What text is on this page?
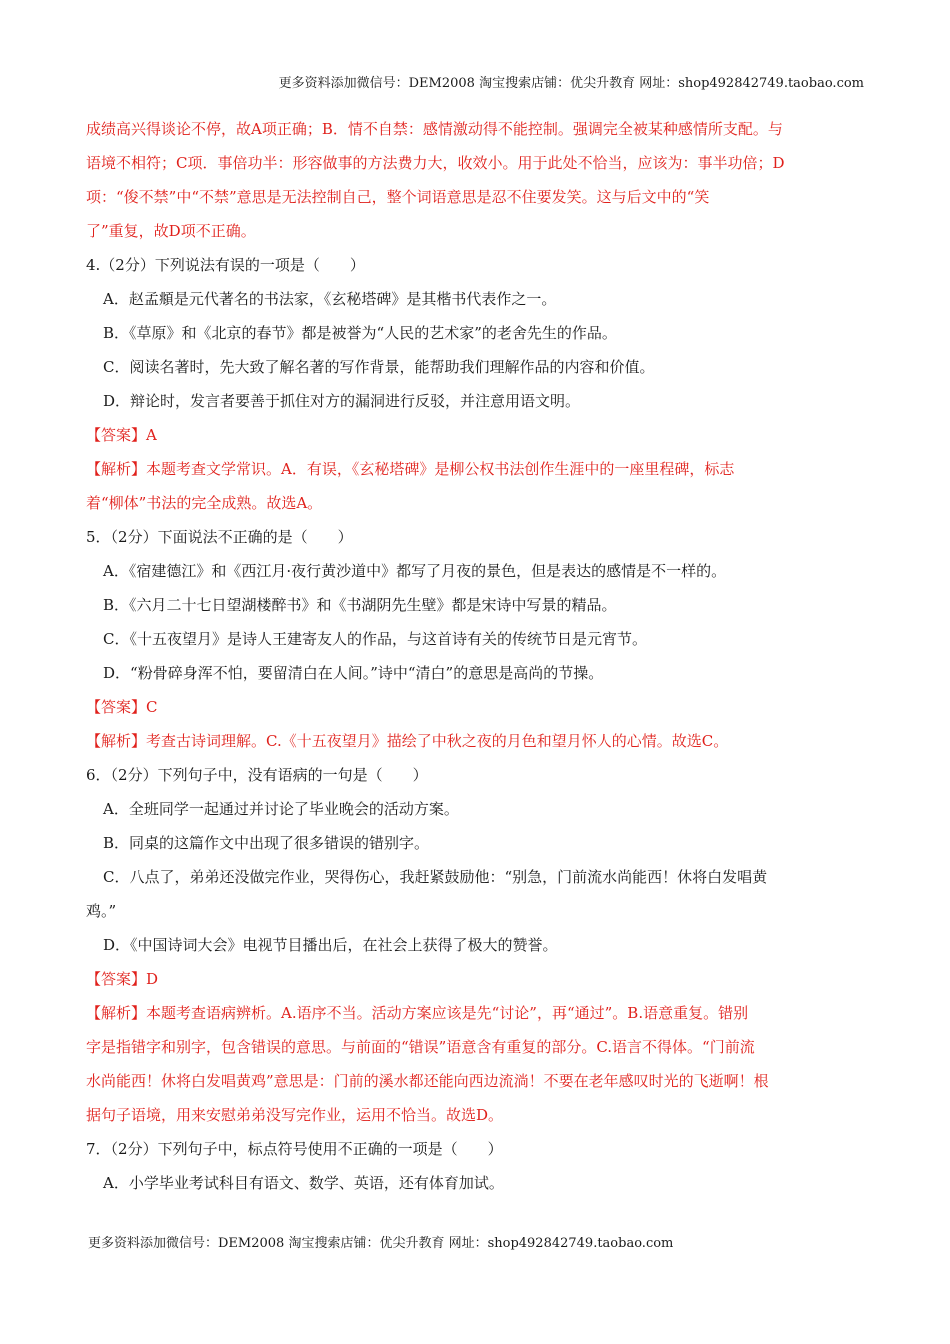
更多资料添加微信号：DEM2008 淘宝搜索店铺：优尖升教育 网址：shop492842749.taobao.com
成绩高兴得谈论不停，故A项正确；B．情不自禁：感情激动得不能控制。强调完全被某种感情所支配。与
语境不相符；C项．事倍功半：形容做事的方法费力大，收效小。用于此处不恰当，应该为：事半功倍；D
项：“俊不禁”中“不禁”意思是无法控制自己，整个词语意思是忍不住要发笑。这与后文中的“笑
了”重复，故D项不正确。
4.（2分）下列说法有误的一项是（　　）
A．赵孟頫是元代著名的书法家，《玄秘塔碑》是其楷书代表作之一。
B．《草原》和《北京的春节》都是被誉为“人民的艺术家”的老舍先生的作品。
C．阅读名著时，先大致了解名著的写作背景，能帮助我们理解作品的内容和价值。
D．辩论时，发言者要善于抓住对方的漏洞进行反驳，并注意用语文明。
【答案】A
【解析】本题考查文学常识。A．有误，《玄秘塔碑》是柳公权书法创作生涯中的一座里程碑，标志
着“柳体”书法的完全成熟。故选A。
5．（2分）下面说法不正确的是（　　）
A．《宿建德江》和《西江月·夜行黄沙道中》都写了月夜的景色，但是表达的感情是不一样的。
B．《六月二十七日望湖楼醉书》和《书湖阴先生壁》都是宋诗中写景的精品。
C．《十五夜望月》是诗人王建寄友人的作品，与这首诗有关的传统节日是元宵节。
D．“粉骨碎身浑不怕，要留清白在人间。”诗中“清白”的意思是高尚的节操。
【答案】C
【解析】考查古诗词理解。C.《十五夜望月》描绘了中秋之夜的月色和望月怀人的心情。故选C。
6．（2分）下列句子中，没有语病的一句是（　　）
A．全班同学一起通过并讨论了毕业晚会的活动方案。
B．同桌的这篇作文中出现了很多错误的错别字。
C．八点了，弟弟还没做完作业，哭得伤心，我赶紧鼓励他：“别急，门前流水尚能西！休将白发唱黄
鸡。”
D．《中国诗词大会》电视节目播出后，在社会上获得了极大的赞誉。
【答案】D
【解析】本题考查语病辨析。A.语序不当。活动方案应该是先“讨论”，再“通过”。B.语意重复。错别
字是指错字和别字，包含错误的意思。与前面的“错误”语意含有重复的部分。C.语言不得体。“门前流
水尚能西！休将白发唱黄鸡”意思是：门前的溪水都还能向西边流淌！不要在老年感叹时光的飞逝啊！根
据句子语境，用来安慰弟弟没写完作业，运用不恰当。故选D。
7．（2分）下列句子中，标点符号使用不正确的一项是（　　）
A．小学毕业考试科目有语文、数学、英语，还有体育加试。
更多资料添加微信号：DEM2008 淘宝搜索店铺：优尖升教育 网址：shop492842749.taobao.com
